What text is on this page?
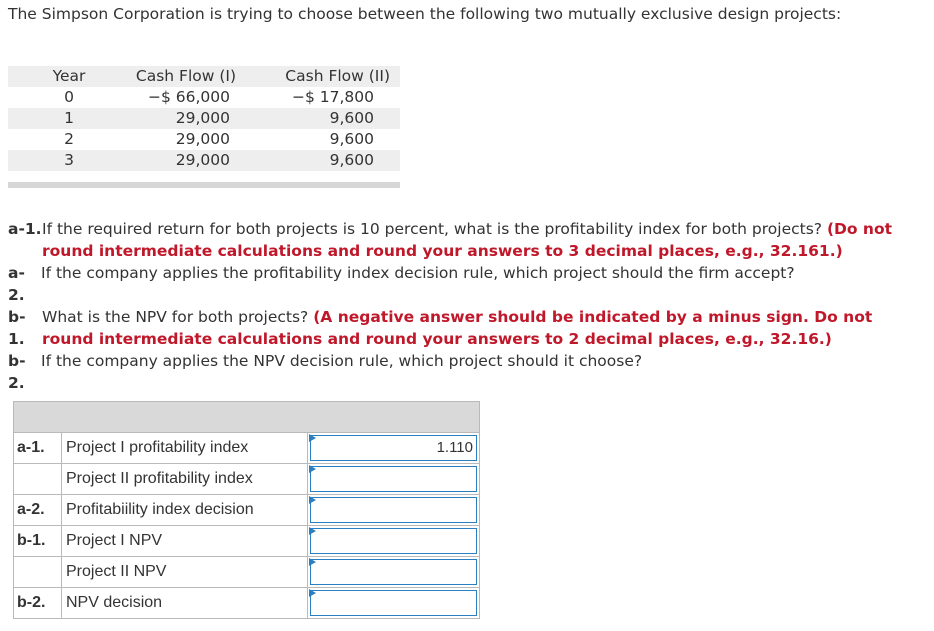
The Simpson Corporation is trying to choose between the following two mutually exclusive design projects:
Year	Cash Flow (I)	Cash Flow (II)
0	−$ 66,000	−$ 17,800
1	29,000	9,600
2	29,000	9,600
3	29,000	9,600
a-1. If the required return for both projects is 10 percent, what is the profitability index for both projects? (Do not round intermediate calculations and round your answers to 3 decimal places, e.g., 32.161.)
a-2.
If the company applies the profitability index decision rule, which project should the firm accept?
b-1.
What is the NPV for both projects? (A negative answer should be indicated by a minus sign. Do not round intermediate calculations and round your answers to 2 decimal places, e.g., 32.16.)
b-2.
If the company applies the NPV decision rule, which project should it choose?

a-1.	Project I profitability index	1.110

	Project II profitability index	

a-2.	Profitabiility index decision	

b-1.	Project I NPV	

	Project II NPV	

b-2.	NPV decision	
